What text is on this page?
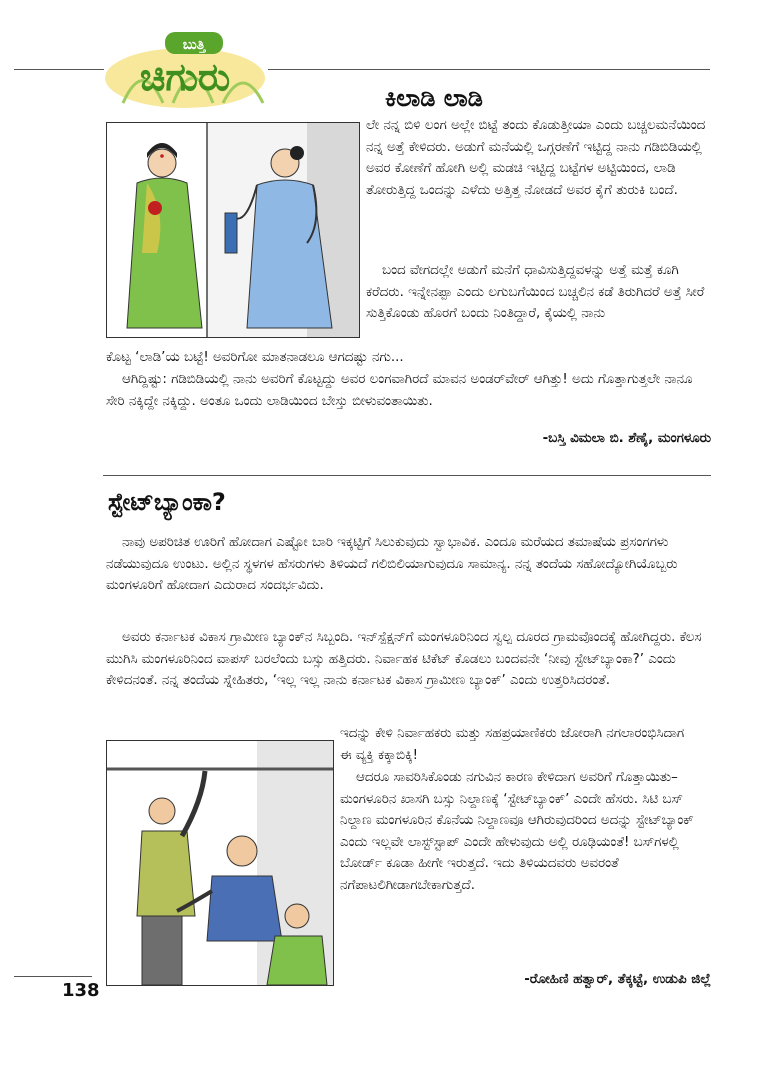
ಬುತ್ತಿ
ಚಿಗುರು	ಕಿಲಾಡಿ ಲಾಡಿ

ಲೇ ನನ್ನ ಬಿಳಿ ಲಂಗ ಅಲ್ಲೇ ಬಿಟ್ಟೆ ತಂದು ಕೊಡುತ್ತೀಯಾ ಎಂದು ಬಚ್ಚಲಮನೆಯಿಂದ ನನ್ನ ಅತ್ತೆ ಕೇಳಿದರು. ಅಡುಗೆ ಮನೆಯಲ್ಲಿ ಒಗ್ಗರಣೆಗೆ ಇಟ್ಟಿದ್ದ ನಾನು ಗಡಿಬಿಡಿಯಲ್ಲಿ ಅವರ ಕೋಣೆಗೆ ಹೋಗಿ ಅಲ್ಲಿ ಮಡಚಿ ಇಟ್ಟಿದ್ದ ಬಟ್ಟೆಗಳ ಅಟ್ಟಿಯಿಂದ, ಲಾಡಿ ತೋರುತ್ತಿದ್ದ ಒಂದನ್ನು ಎಳೆದು ಅತ್ತಿತ್ತ ನೋಡದೆ ಅವರ ಕೈಗೆ ತುರುಕಿ ಬಂದೆ.

ಬಂದ ವೇಗದಲ್ಲೇ ಅಡುಗೆ ಮನೆಗೆ ಧಾವಿಸುತ್ತಿದ್ದವಳನ್ನು ಅತ್ತೆ ಮತ್ತೆ ಕೂಗಿ ಕರೆದರು. ಇನ್ನೇನಪ್ಪಾ ಎಂದು ಲಗುಬಗೆಯಿಂದ ಬಚ್ಚಲಿನ ಕಡೆ ತಿರುಗಿದರೆ ಅತ್ತೆ ಸೀರೆ ಸುತ್ತಿಕೊಂಡು ಹೊರಗೆ ಬಂದು ನಿಂತಿದ್ದಾರೆ, ಕೈಯಲ್ಲಿ ನಾನು

ಕೊಟ್ಟ ‘ಲಾಡಿ’ಯ ಬಟ್ಟೆ! ಅವರಿಗೋ ಮಾತನಾಡಲೂ ಆಗದಷ್ಟು ನಗು...

ಆಗಿದ್ದಿಷ್ಟು: ಗಡಿಬಿಡಿಯಲ್ಲಿ ನಾನು ಅವರಿಗೆ ಕೊಟ್ಟದ್ದು ಅವರ ಲಂಗವಾಗಿರದೆ ಮಾವನ ಅಂಡರ್‌ವೇರ್ ಆಗಿತ್ತು! ಅದು ಗೊತ್ತಾಗುತ್ತಲೇ ನಾನೂ ಸೇರಿ ನಕ್ಕಿದ್ದೇ ನಕ್ಕಿದ್ದು. ಅಂತೂ ಒಂದು ಲಾಡಿಯಿಂದ ಬೇಸ್ತು ಬೀಳುವಂತಾಯಿತು.

-ಬಸ್ತಿ ವಿಮಲಾ ಬಿ. ಶೆಣೈ, ಮಂಗಳೂರು

ಸ್ಟೇಟ್‌ಬ್ಯಾಂಕಾ?

ನಾವು ಅಪರಿಚಿತ ಊರಿಗೆ ಹೋದಾಗ ಎಷ್ಟೋ ಬಾರಿ ಇಕ್ಕಟ್ಟಿಗೆ ಸಿಲುಕುವುದು ಸ್ವಾಭಾವಿಕ. ಎಂದೂ ಮರೆಯದ ತಮಾಷೆಯ ಪ್ರಸಂಗಗಳು ನಡೆಯುವುದೂ ಉಂಟು. ಅಲ್ಲಿನ ಸ್ಥಳಗಳ ಹೆಸರುಗಳು ತಿಳಿಯದೆ ಗಲಿಬಿಲಿಯಾಗುವುದೂ ಸಾಮಾನ್ಯ. ನನ್ನ ತಂದೆಯ ಸಹೋದ್ಯೋಗಿಯೊಬ್ಬರು ಮಂಗಳೂರಿಗೆ ಹೋದಾಗ ಎದುರಾದ ಸಂದರ್ಭವಿದು.

ಅವರು ಕರ್ನಾಟಕ ವಿಕಾಸ ಗ್ರಾಮೀಣ ಬ್ಯಾಂಕ್‌ನ ಸಿಬ್ಬಂದಿ. ಇನ್‌ಸ್ಪೆಕ್ಷನ್‌ಗೆ ಮಂಗಳೂರಿನಿಂದ ಸ್ವಲ್ಪ ದೂರದ ಗ್ರಾಮವೊಂದಕ್ಕೆ ಹೋಗಿದ್ದರು. ಕೆಲಸ ಮುಗಿಸಿ ಮಂಗಳೂರಿನಿಂದ ವಾಪಸ್ ಬರಲೆಂದು ಬಸ್ಸು ಹತ್ತಿದರು. ನಿರ್ವಾಹಕ ಟಿಕೆಟ್ ಕೊಡಲು ಬಂದವನೇ ‘ನೀವು ಸ್ಟೇಟ್‌ಬ್ಯಾಂಕಾ?’ ಎಂದು ಕೇಳಿದನಂತೆ. ನನ್ನ ತಂದೆಯ ಸ್ನೇಹಿತರು, ‘ಇಲ್ಲ ಇಲ್ಲ ನಾನು ಕರ್ನಾಟಕ ವಿಕಾಸ ಗ್ರಾಮೀಣ ಬ್ಯಾಂಕ್’ ಎಂದು ಉತ್ತರಿಸಿದರಂತೆ.

ಇದನ್ನು ಕೇಳಿ ನಿರ್ವಾಹಕರು ಮತ್ತು ಸಹಪ್ರಯಾಣಿಕರು ಜೋರಾಗಿ ನಗಲಾರಂಭಿಸಿದಾಗ ಈ ವ್ಯಕ್ತಿ ಕಕ್ಕಾಬಿಕ್ಕಿ!

ಆದರೂ ಸಾವರಿಸಿಕೊಂಡು ನಗುವಿನ ಕಾರಣ ಕೇಳಿದಾಗ ಅವರಿಗೆ ಗೊತ್ತಾಯಿತು– ಮಂಗಳೂರಿನ ಖಾಸಗಿ ಬಸ್ಸು ನಿಲ್ದಾಣಕ್ಕೆ ‘ಸ್ಟೇಟ್‌ಬ್ಯಾಂಕ್’ ಎಂದೇ ಹೆಸರು. ಸಿಟಿ ಬಸ್ ನಿಲ್ದಾಣ ಮಂಗಳೂರಿನ ಕೊನೆಯ ನಿಲ್ದಾಣವೂ ಆಗಿರುವುದರಿಂದ ಅದನ್ನು ಸ್ಟೇಟ್‌ಬ್ಯಾಂಕ್ ಎಂದು ಇಲ್ಲವೇ ಲಾಸ್ಟ್‌ಸ್ಟಾಪ್ ಎಂದೇ ಹೇಳುವುದು ಅಲ್ಲಿ ರೂಢಿಯಂತೆ! ಬಸ್‌ಗಳಲ್ಲಿ ಬೋರ್ಡ್ ಕೂಡಾ ಹೀಗೇ ಇರುತ್ತದೆ. ಇದು ತಿಳಿಯದವರು ಅವರಂತೆ ನಗೆಪಾಟಲಿಗೀಡಾಗಬೇಕಾಗುತ್ತದೆ.

-ರೋಹಿಣಿ ಹತ್ವಾರ್, ತೆಕ್ಕಟ್ಟೆ, ಉಡುಪಿ ಜಿಲ್ಲೆ

138
